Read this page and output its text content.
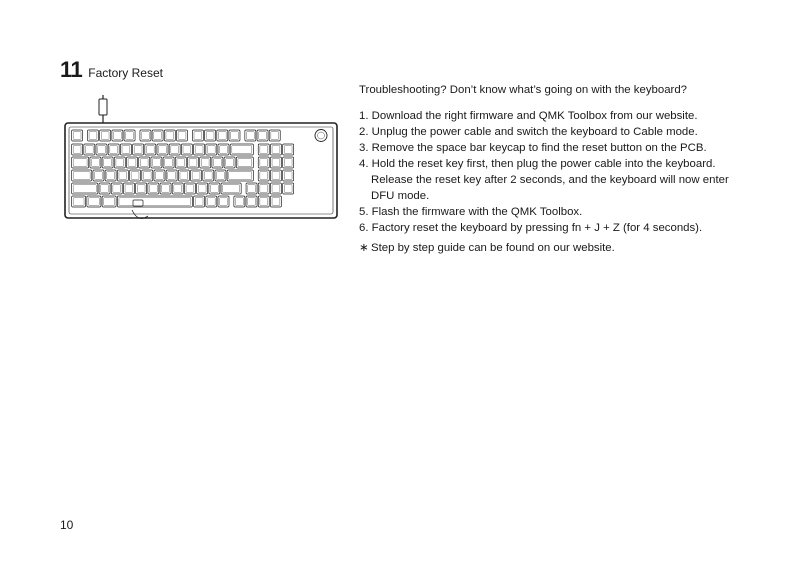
11 Factory Reset

Troubleshooting? Don’t know what’s going on with the keyboard?

1. Download the right firmware and QMK Toolbox from our website.
2. Unplug the power cable and switch the keyboard to Cable mode.
3. Remove the space bar keycap to find the reset button on the PCB.
4. Hold the reset key first, then plug the power cable into the keyboard.
Release the reset key after 2 seconds, and the keyboard will now enter
DFU mode.
5. Flash the firmware with the QMK Toolbox.
6. Factory reset the keyboard by pressing fn + J + Z (for 4 seconds).
∗ Step by step guide can be found on our website.
10
